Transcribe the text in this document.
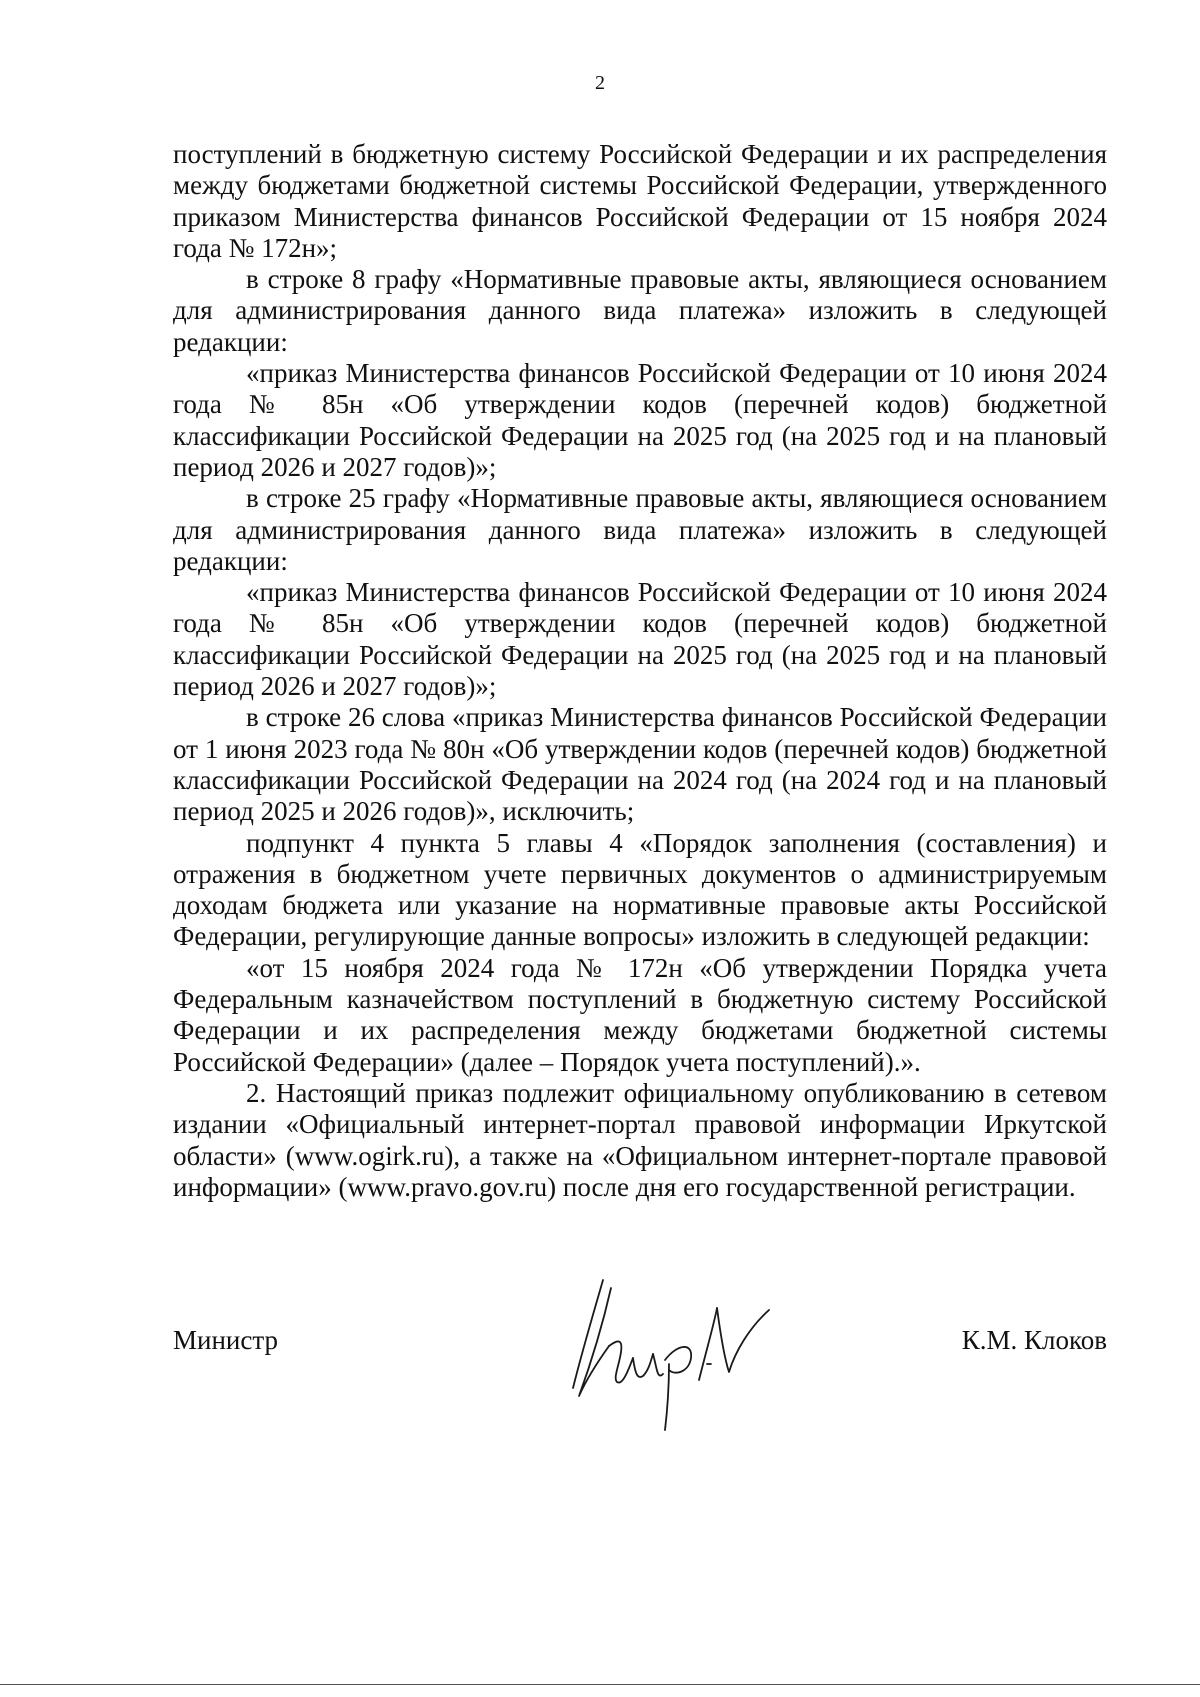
2

поступлений в бюджетную систему Российской Федерации и их распределения между бюджетами бюджетной системы Российской Федерации, утвержденного приказом Министерства финансов Российской Федерации от 15 ноября 2024 года № 172н»;

в строке 8 графу «Нормативные правовые акты, являющиеся основанием для администрирования данного вида платежа» изложить в следующей редакции:

«приказ Министерства финансов Российской Федерации от 10 июня 2024 года № 85н «Об утверждении кодов (перечней кодов) бюджетной классификации Российской Федерации на 2025 год (на 2025 год и на плановый период 2026 и 2027 годов)»;

в строке 25 графу «Нормативные правовые акты, являющиеся основанием для администрирования данного вида платежа» изложить в следующей редакции:

«приказ Министерства финансов Российской Федерации от 10 июня 2024 года № 85н «Об утверждении кодов (перечней кодов) бюджетной классификации Российской Федерации на 2025 год (на 2025 год и на плановый период 2026 и 2027 годов)»;

в строке 26 слова «приказ Министерства финансов Российской Федерации от 1 июня 2023 года № 80н «Об утверждении кодов (перечней кодов) бюджетной классификации Российской Федерации на 2024 год (на 2024 год и на плановый период 2025 и 2026 годов)», исключить;

подпункт 4 пункта 5 главы 4 «Порядок заполнения (составления) и отражения в бюджетном учете первичных документов о администрируемым доходам бюджета или указание на нормативные правовые акты Российской Федерации, регулирующие данные вопросы» изложить в следующей редакции:

«от 15 ноября 2024 года № 172н «Об утверждении Порядка учета Федеральным казначейством поступлений в бюджетную систему Российской Федерации и их распределения между бюджетами бюджетной системы Российской Федерации» (далее – Порядок учета поступлений).».

2. Настоящий приказ подлежит официальному опубликованию в сетевом издании «Официальный интернет-портал правовой информации Иркутской области» (www.ogirk.ru), а также на «Официальном интернет-портале правовой информации» (www.pravo.gov.ru) после дня его государственной регистрации.

Министр	К.М. Клоков
Клоков
